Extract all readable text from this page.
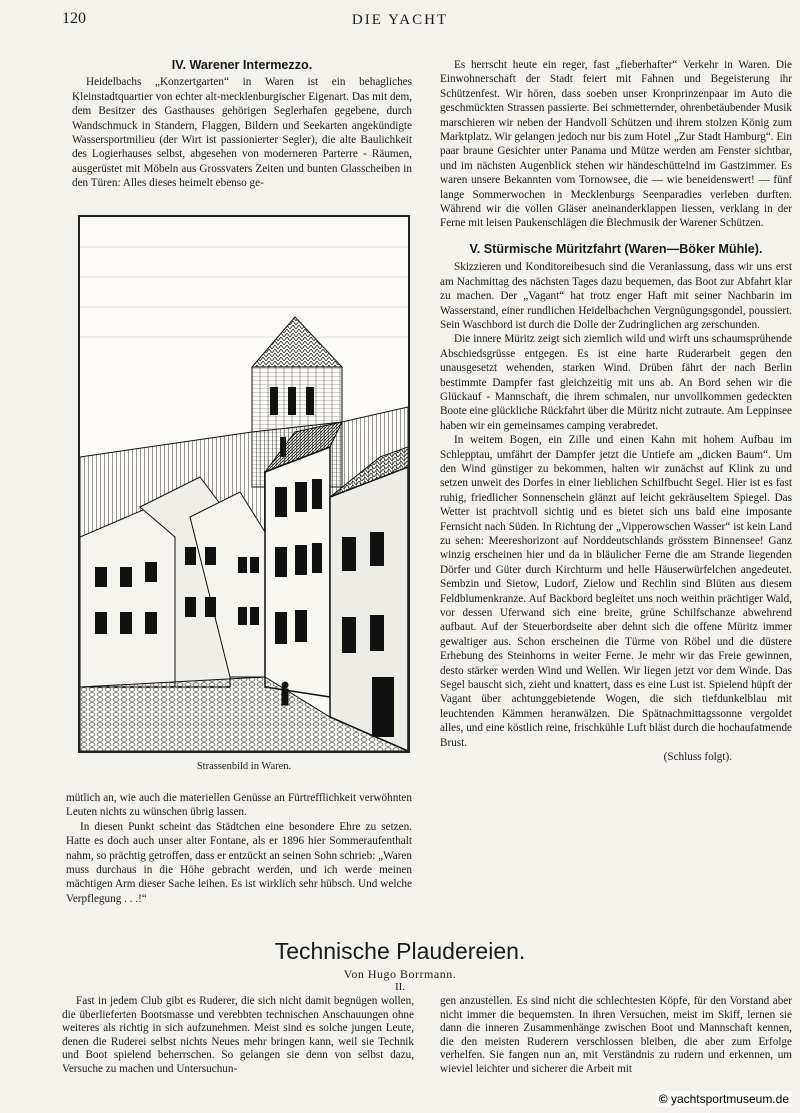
120	DIE YACHT
IV. Warener Intermezzo.

Heidelbachs „Konzertgarten“ in Waren ist ein behagliches Kleinstadtquartier von echter alt-mecklenburgischer Eigenart. Das mit dem, dem Besitzer des Gasthauses gehörigen Seglerhafen gegebene, durch Wandschmuck in Standern, Flaggen, Bildern und Seekarten angekündigte Wassersportmilieu (der Wirt ist passionierter Segler), die alte Baulichkeit des Logierhauses selbst, abgesehen von moderneren Parterre - Räumen, ausgerüstet mit Möbeln aus Grossvaters Zeiten und bunten Glasscheiben in den Türen: Alles dieses heimelt ebenso ge-

Strassenbild in Waren.

mütlich an, wie auch die materiellen Genüsse an Fürtrefflichkeit verwöhnten Leuten nichts zu wünschen übrig lassen.

In diesen Punkt scheint das Städtchen eine besondere Ehre zu setzen. Hatte es doch auch unser alter Fontane, als er 1896 hier Sommeraufenthalt nahm, so prächtig getroffen, dass er entzückt an seinen Sohn schrieb: „Waren muss durchaus in die Höhe gebracht werden, und ich werde meinen mächtigen Arm dieser Sache leihen. Es ist wirklich sehr hübsch. Und welche Verpflegung . . .!“

Es herrscht heute ein reger, fast „fieberhafter“ Verkehr in Waren. Die Einwohnerschaft der Stadt feiert mit Fahnen und Begeisterung ihr Schützenfest. Wir hören, dass soeben unser Kronprinzenpaar im Auto die geschmückten Strassen passierte. Bei schmetternder, ohrenbetäubender Musik marschieren wir neben der Handvoll Schützen und ihrem stolzen König zum Marktplatz. Wir gelangen jedoch nur bis zum Hotel „Zur Stadt Hamburg“. Ein paar braune Gesichter unter Panama und Mütze werden am Fenster sichtbar, und im nächsten Augenblick stehen wir händeschüttelnd im Gastzimmer. Es waren unsere Bekannten vom Tornowsee, die — wie beneidenswert! — fünf lange Sommerwochen in Mecklenburgs Seenparadies verleben durften. Während wir die vollen Gläser aneinanderklappen liessen, verklang in der Ferne mit leisen Paukenschlägen die Blechmusik der Warener Schützen.

V. Stürmische Müritzfahrt (Waren—Böker Mühle).

Skizzieren und Konditoreibesuch sind die Veranlassung, dass wir uns erst am Nachmittag des nächsten Tages dazu bequemen, das Boot zur Abfahrt klar zu machen. Der „Vagant“ hat trotz enger Haft mit seiner Nachbarin im Wasserstand, einer rundlichen Heidelbachchen Vergnügungsgondel, poussiert. Sein Waschbord ist durch die Dolle der Zudringlichen arg zerschunden.

Die innere Müritz zeigt sich ziemlich wild und wirft uns schaumsprühende Abschiedsgrüsse entgegen. Es ist eine harte Ruderarbeit gegen den unausgesetzt wehenden, starken Wind. Drüben fährt der nach Berlin bestimmte Dampfer fast gleichzeitig mit uns ab. An Bord sehen wir die Glückauf - Mannschaft, die ihrem schmalen, nur unvollkommen gedeckten Boote eine glückliche Rückfahrt über die Müritz nicht zutraute. Am Leppinsee haben wir ein gemeinsames camping verabredet.

In weitem Bogen, ein Zille und einen Kahn mit hohem Aufbau im Schlepptau, umfährt der Dampfer jetzt die Untiefe am „dicken Baum“. Um den Wind günstiger zu bekommen, halten wir zunächst auf Klink zu und setzen unweit des Dorfes in einer lieblichen Schilfbucht Segel. Hier ist es fast ruhig, friedlicher Sonnenschein glänzt auf leicht gekräuseltem Spiegel. Das Wetter ist prachtvoll sichtig und es bietet sich uns bald eine imposante Fernsicht nach Süden. In Richtung der „Vipperowschen Wasser“ ist kein Land zu sehen: Meereshorizont auf Norddeutschlands grösstem Binnensee! Ganz winzig erscheinen hier und da in bläulicher Ferne die am Strande liegenden Dörfer und Güter durch Kirchturm und helle Häuserwürfelchen angedeutet. Sembzin und Sietow, Ludorf, Zielow und Rechlin sind Blüten aus diesem Feldblumenkranze. Auf Backbord begleitet uns noch weithin prächtiger Wald, vor dessen Uferwand sich eine breite, grüne Schilfschanze abwehrend aufbaut. Auf der Steuerbordseite aber dehnt sich die offene Müritz immer gewaltiger aus. Schon erscheinen die Türme von Röbel und die düstere Erhebung des Steinhorns in weiter Ferne. Je mehr wir das Freie gewinnen, desto stärker werden Wind und Wellen. Wir liegen jetzt vor dem Winde. Das Segel bauscht sich, zieht und knattert, dass es eine Lust ist. Spielend hüpft der Vagant über achtunggebietende Wogen, die sich tiefdunkelblau mit leuchtenden Kämmen heranwälzen. Die Spätnachmittagssonne vergoldet alles, und eine köstlich reine, frischkühle Luft bläst durch die hochaufatmende Brust.

(Schluss folgt).

Technische Plaudereien.
Von Hugo Borrmann.
II.

Fast in jedem Club gibt es Ruderer, die sich nicht damit begnügen wollen, die überlieferten Bootsmasse und verebbten technischen Anschauungen ohne weiteres als richtig in sich aufzunehmen. Meist sind es solche jungen Leute, denen die Ruderei selbst nichts Neues mehr bringen kann, weil sie Technik und Boot spielend beherrschen. So gelangen sie denn von selbst dazu, Versuche zu machen und Untersuchun-

gen anzustellen. Es sind nicht die schlechtesten Köpfe, für den Vorstand aber nicht immer die bequemsten. In ihren Versuchen, meist im Skiff, lernen sie dann die inneren Zusammenhänge zwischen Boot und Mannschaft kennen, die den meisten Ruderern verschlossen bleiben, die aber zum Erfolge verhelfen. Sie fangen nun an, mit Verständnis zu rudern und erkennen, um wieviel leichter und sicherer die Arbeit mit

© yachtsportmuseum.de
